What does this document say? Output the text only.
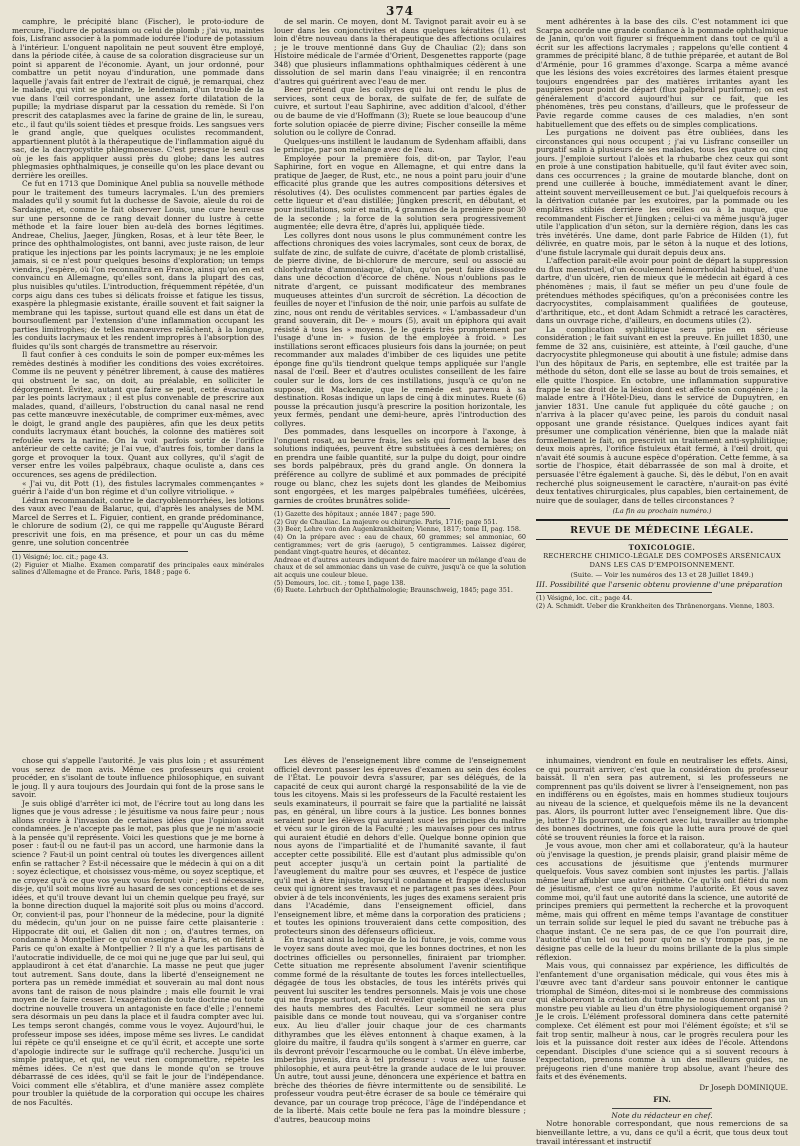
374

camphre, le précipité blanc (Fischer), le proto-iodure de mercure, l'iodure de potassium ou celui de plomb ; j'ai vu, maintes fois, Lisfranc associer à la pommade iodurée l'iodure de potassium à l'intérieur. L'onguent napolitain ne peut souvent être employé, dans la période citée, à cause de sa coloration disgracieuse sur un point si apparent de l'économie. Ayant, un jour ordonné, pour combattre un petit noyau d'induration, une pommade dans laquelle j'avais fait entrer de l'extrait de ciguë, je remarquai, chez le malade, qui vint se plaindre, le lendemain, d'un trouble de la vue dans l'œil correspondant, une assez forte dilatation de la pupille; la mydriase disparut par la cessation du remède. Si l'on prescrit des cataplasmes avec la farine de graine de lin, le sureau, etc., il faut qu'ils soient tièdes et presque froids. Les sangsues vers le grand angle, que quelques oculistes recommandent, appartiennent plutôt à la thérapeutique de l'inflammation aiguë du sac, de la dacryocystite phlegmoneuse. C'est presque le seul cas où je les fais appliquer aussi près du globe; dans les autres phlegmasies ophthalmiques, je conseille qu'on les place devant ou derrière les oreilles.

Ce fut en 1713 que Dominique Anel publia sa nouvelle méthode pour le traitement des tumeurs lacrymales. L'un des premiers malades qu'il y soumit fut la duchesse de Savoie, aïeule du roi de Sardaigne, et, comme le fait observer Louis, une cure heureuse sur une personne de ce rang devait donner du lustre à cette méthode et la faire louer bien au-delà des bornes légitimes. Andreae, Chelius, Jaeger, Jüngken, Rosas, et à leur tête Beer, le prince des ophthalmologistes, ont banni, avec juste raison, de leur pratique les injections par les points lacrymaux; je ne les emploie jamais, si ce n'est pour quelques besoins d'exploration; un temps viendra, j'espère, où l'on reconnaîtra en France, ainsi qu'on en est convaincu en Allemagne, qu'elles sont, dans la plupart des cas, plus nuisibles qu'utiles. L'introduction, fréquemment répétée, d'un corps aigu dans ces tubes si délicats froisse et fatigue les tissus, exaspère la phlegmasie existante, éraille souvent et fait saigner la membrane qui les tapisse, surtout quand elle est dans un état de boursouflement par l'extension d'une inflammation occupant les parties limitrophes; de telles manœuvres relâchent, à la longue, les conduits lacrymaux et les rendent impropres à l'absorption des fluides qu'ils sont chargés de transmettre au réservoir.

Il faut confier à ces conduits le soin de pomper eux-mêmes les remèdes destinés à modifier les conditions des voies excrétoires. Comme ils ne peuvent y pénétrer librement, à cause des matières qui obstruent le sac, on doit, au préalable, en solliciter le dégorgement. Évitez, autant que faire se peut, cette évacuation par les points lacrymaux ; il est plus convenable de prescrire aux malades, quand, d'ailleurs, l'obstruction du canal nasal ne rend pas cette manœuvre inexécutable, de comprimer eux-mêmes, avec le doigt, le grand angle des paupières, afin que les deux petits conduits lacrymaux étant bouchés, la colonne des matières soit refoulée vers la narine. On la voit parfois sortir de l'orifice antérieur de cette cavité; je l'ai vue, d'autres fois, tomber dans la gorge et provoquer la toux. Quant aux collyres, qu'il s'agit de verser entre les voiles palpébraux, chaque oculiste a, dans ces occurences, ses agens de prédilection.

« J'ai vu, dit Pott (1), des fistules lacrymales commençantes » guérir à l'aide d'un bon régime et d'un collyre vitriolique. »

Lédran recommandait, contre le dacryoblennorrhées, les lotions des vaux avec l'eau de Balaruc, qui, d'après les analyses de MM. Marcel de Serres et L. Figuier, contient, en grande prédominance, le chlorure de sodium (2), ce qui me rappelle qu'Auguste Bérard prescrivit une fois, en ma présence, et pour un cas du même genre, une solution concentrée

(1) Vésigné; loc. cit.; page 43.

(2) Figuier et Mialhe. Examen comparatif des principales eaux minérales salines d'Allemagne et de France. Paris, 1848 ; page 6.

de sel marin. Ce moyen, dont M. Tavignot parait avoir eu à se louer dans les conjonctivites et dans quelques kératites (1), est loin d'être nouveau dans la thérapeutique des affections oculaires ; je le trouve mentionné dans Guy de Chauliac (2); dans son Histoire médicale de l'armée d'Orient, Desgenettes rapporte (page 348) que plusieurs inflammations ophthalmiques cédèrent à une dissolution de sel marin dans l'eau vinaigrée; il en rencontra d'autres qui guérirent avec l'eau de mer.

Beer prétend que les collyres qui lui ont rendu le plus de services, sont ceux de borax, de sulfate de fer, de sulfate de cuivre, et surtout l'eau Saphirine, avec addition d'alcool, d'éther ou de baume de vie d'Hoffmann (3); Ruete se loue beaucoup d'une forte solution opiacée de pierre divine; Fischer conseille la même solution ou le collyre de Conrad.

Quelques-uns instillent le laudanum de Sydenham affaibli, dans le principe, par son mélange avec de l'eau.

Employée pour la première fois, dit-on, par Taylor, l'eau Saphirine, fort en vogue en Allemagne, et qui entre dans la pratique de Jaeger, de Rust, etc., ne nous a point paru jouir d'une efficacité plus grande que les autres compositions détersives et résolutives (4). Des oculistes commencent par parties égales de cette liqueur et d'eau distillée; Jüngken prescrit, en débutant, et pour instillations, soir et matin, 4 grammes de la première pour 30 de la seconde ; la force de la solution sera progressivement augmentée; elle devra être, d'après lui, appliquée tiède.

Les collyres dont nous usons le plus communément contre les affections chroniques des voies lacrymales, sont ceux de borax, de sulfate de zinc, de sulfate de cuivre, d'acétate de plomb cristallisé, de pierre divine, de bi-chlorure de mercure, seul ou associé au chlorhydrate d'ammoniaque, d'alun, qu'on peut faire dissoudre dans une décoction d'écorce de chêne. Nous n'oublions pas le nitrate d'argent, ce puissant modificateur des membranes muqueuses atteintes d'un surcroît de sécrétion. La décoction de feuilles de noyer et l'infusion de thé noir, unie parfois au sulfate de zinc, nous ont rendu de véritables services. « L'ambassadeur d'un grand souverain, dit De- » mours (5), avait un épiphora qui avait résisté à tous les » moyens. Je le guéris très promptement par l'usage d'une in- » fusion de thé employée à froid. » Les instillations seront efficaces plusieurs fois dans la journée; on peut recommander aux malades d'imbiber de ces liquides une petite éponge fine qu'ils tiendront quelque temps appliquée sur l'angle nasal de l'œil. Beer et d'autres oculistes conseillent de les faire couler sur le dos, lors de ces instillations, jusqu'à ce qu'on ne suppose, dit Mackenzie, que le remède est parvenu à sa destination. Rosas indique un laps de cinq à dix minutes. Ruete (6) pousse la précaution jusqu'à prescrire la position horizontale, les yeux fermés, pendant une demi-heure, après l'introduction des collyres.

Des pommades, dans lesquelles on incorpore à l'axonge, à l'onguent rosat, au beurre frais, les sels qui forment la base des solutions indiquées, peuvent être substituées à ces dernières; on en prendra une faible quantité, sur la pulpe du doigt, pour oindre ses bords palpébraux, près du grand angle. On donnera la préférence au collyre de sublimé et aux pommades de précipité rouge ou blanc, chez les sujets dont les glandes de Meibomius sont engorgées, et les marges palpébrales tuméfiées, ulcérées, garnies de croûtes brunâtres solide-

(1) Gazette des hôpitaux ; année 1847 ; page 590.

(2) Guy de Chauliac. La majeure ou chirurgie. Paris, 1716; page 551.

(3) Beer, Lehre von den Augenkrankheiten; Vienne, 1817; tome II, pag. 158.

(4) On la prépare avec : eau de chaux, 60 grammes; sel ammoniac, 60 centigrammes; vert de gris (aerugo), 5 centigrammes. Laissez digérer, pendant vingt-quatre heures, et décantez.

Andreae et d'autres auteurs indiquent de faire macérer un mélange d'eau de chaux et de sel ammoniac dans un vase de cuivre, jusqu'à ce que la solution ait acquis une couleur bleue.

(5) Demours, loc. cit. ; tome I, page 138.

(6) Ruete. Lehrbuch der Ophthalmologie; Braunschweig, 1845; page 351.

ment adhérentes à la base des cils. C'est notamment ici que Scarpa accorde une grande confiance à la pommade ophthalmique de Janin, qu'on voit figurer si fréquemment dans tout ce qu'il a écrit sur les affections lacrymales ; rappelons qu'elle contient 4 grammes de précipité blanc, 8 de tuthie préparée, et autant de Bol d'Arménie, pour 16 grammes d'axonge. Scarpa a même avancé que les lésions des voies excrétoires des larmes étaient presque toujours engendrées par des matières irritantes ayant les paupières pour point de départ (flux palpébral puriforme); on est généralement d'accord aujourd'hui sur ce fait, que les phénomènes, très peu constans, d'ailleurs, que le professeur de Pavie regarde comme causes de ces maladies, n'en sont habituellement que des effets ou de simples complications.

Les purgations ne doivent pas être oubliées, dans les circonstances qui nous occupent ; j'ai vu Lisfranc conseiller un purgatif salin à plusieurs de ses malades, tous les quatre ou cinq jours. J'emploie surtout l'aloès et la rhubarbe chez ceux qui sont en proie à une constipation habituelle, qu'il faut éviter avec soin, dans ces occurrences ; la graine de moutarde blanche, dont on prend une cuillerée à bouche, immédiatement avant le dîner, atteint souvent merveilleusement ce but. J'ai quelquefois recours à la dérivation cutanée par les exutoires, par la pommade ou les emplâtres stibiés derrière les oreilles ou à la nuque, que recommandent Fischer et Jüngken ; celui-ci va même jusqu'à juger utile l'application d'un séton, sur la dernière région, dans les cas très invétérés. Une dame, dont parle Fabrice de Hilden (1), fut délivrée, en quatre mois, par le séton à la nuque et des lotions, d'une fistule lacrymale qui durait depuis deux ans.

L'affection parait-elle avoir pour point de départ la suppression du flux menstruel, d'un écoulement hémorrhoïdal habituel, d'une dartre, d'un ulcère, rien de mieux que le médecin ait égard à ces phénomènes ; mais, il faut se méfier un peu d'une foule de prétendues méthodes spécifiques, qu'on a préconisées contre les dacryocystites, complaisamment qualifiées de gouteuse, d'arthritique, etc., et dont Adam Schmidt a retracé les caractères, dans un ouvrage riche, d'ailleurs, en documens utiles (2).

La complication syphilitique sera prise en sérieuse considération ; le fait suivant en est la preuve. En juillet 1830, une femme de 32 ans, cuisinière, est atteinte, à l'œil gauche, d'une dacryocystite phlegmoneuse qui aboutit à une fistule; admise dans l'un des hôpitaux de Paris, en septembre, elle est traitée par la méthode du séton, dont elle se lasse au bout de trois semaines, et elle quitte l'hospice. En octobre, une inflammation suppurative frappe le sac droit de la lésion dont est affecté son congénère ; la malade entre à l'Hôtel-Dieu, dans le service de Dupuytren, en janvier 1831. Une canule fut appliquée du côté gauche ; on n'arriva à la placer qu'avec peine, les parois du conduit nasal opposant une grande résistance. Quelques indices ayant fait présumer une complication vénérienne, bien que la malade niât formellement le fait, on prescrivit un traitement anti-syphilitique; deux mois après, l'orifice fistuleux était fermé, à l'œil droit, qui n'avait été soumis à aucune espèce d'opération. Cette femme, à sa sortie de l'hospice, était débarrassée de son mal à droite, et persuasée l'être également à gauche. Si, dès le début, l'on en avait recherché plus soigneusement le caractère, n'aurait-on pas évité deux tentatives chirurgicales, plus capables, bien certainement, de nuire que de soulager, dans de telles circonstances ?

(La fin au prochain numéro.)
REVUE DE MÉDECINE LÉGALE.
TOXICOLOGIE.
RECHERCHE CHIMICO-LÉGALE DES COMPOSÉS ARSÉNICAUX DANS LES CAS D'EMPOISONNEMENT.
(Suite. — Voir les numéros des 13 et 28 Juillet 1849.)

III. Possibilité que l'arsenic obtenu provienne d'une préparation

(1) Vésigné, loc. cit.; page 44.

(2) A. Schmidt. Ueber die Krankheiten des Thränenorgans. Vienne, 1803.

chose qui s'appelle l'autorité. Je vais plus loin ; et assurément vous serez de mon avis. Même ces professeurs qui croient procéder, en s'isolant de toute influence philosophique, en suivant le joug. Il y aura toujours des Jourdain qui font de la prose sans le savoir.

Je suis obligé d'arrêter ici mot, de l'écrire tout au long dans les lignes que je vous adresse ; le jésuitisme va nous faire peur ; nous allons croire à l'invasion de certaines idées que l'opinion avait condamnées. Je n'accepte pas le mot, pas plus que je ne m'associe à la pensée qu'il représente. Voici les questions que je me borne à poser : faut-il ou ne faut-il pas un accord, une harmonie dans la science ? Faut-il un point central où toutes les divergences aillent enfin se rattacher ? Est-il nécessaire que le médecin à qui on a dit : soyez éclectique, et choisissez vous-même, ou soyez sceptique, et ne croyez qu'à ce que vos yeux vous feront voir ; est-il nécessaire, dis-je, qu'il soit moins livré au hasard de ses conceptions et de ses idées, et qu'il trouve devant lui un chemin quelque peu frayé, sur la bonne direction duquel la majorité soit plus ou moins d'accord. Or, convient-il pas, pour l'honneur de la médecine, pour la dignité du médecin, qu'un jour on ne puisse faire cette plaisanterie : Hippocrate dit oui, et Galien dit non ; on, d'autres termes, on condamne à Montpellier ce qu'on enseigne à Paris, et on flétrit à Paris ce qu'on exalte à Montpellier ? Il n'y a que les partisans de l'autocratie individuelle, de ce moi qui ne juge que par lui seul, qui applaudiront à cet état d'anarchie. La masse ne peut que juger tout autrement. Sans doute, dans la liberté d'enseignement ne portera pas un remède immédiat et souverain au mal dont nous avons tant de raison de nous plaindre ; mais elle fournit le vrai moyen de le faire cesser. L'exagération de toute doctrine ou toute doctrine nouvelle trouvera un antagoniste en face d'elle ; l'ennemi sera désormais un peu dans la place et il faudra compter avec lui. Les temps seront changés, comme vous le voyez. Aujourd'hui, le professeur impose ses idées, impose même ses livres. Le candidat lui répète ce qu'il enseigne et ce qu'il écrit, et accepte une sorte d'apologie indirecte sur le suffrage qu'il recherche. Jusqu'ici un simple pratique, et qui, ne veut rien compromettre, répète les mêmes idées. Ce n'est que dans le monde qu'on se trouve débarrassé de ces idées, qu'il se fait le jour de l'indépendance. Voici comment elle s'établira, et d'une manière assez complète pour troubler la quiétude de la corporation qui occupe les chaires de nos Facultés.

Les élèves de l'enseignement libre comme de l'enseignement officiel devront passer les épreuves d'examen au sein des écoles de l'État. Le pouvoir devra s'assurer, par ses délégués, de la capacité de ceux qui auront chargé la responsabilité de la vie de tous les citoyens. Mais si les professeurs de la Faculté restaient les seuls examinateurs, il pourrait se faire que la partialité ne laissât pas, en général, un libre cours à la justice. Les bonnes bonnes seraient pour les élèves qui auraient sucé les principes du maître et vécu sur le giron de la Faculté ; les mauvaises pour ces intrus qui auraient étudié en dehors d'elle. Quelque bonne opinion que nous ayons de l'impartialité et de l'humanité savante, il faut accepter cette possibilité. Elle est d'autant plus admissible qu'on peut accepter jusqu'à un certain point la partialité de l'aveuglement du maître pour ses œuvres, et l'espèce de justice qu'il met à être injuste, lorsqu'il condamne et frappe d'exclusion ceux qui ignorent ses travaux et ne partagent pas ses idées. Pour obvier à de tels inconvénients, les juges des examens seraient pris dans l'Académie, dans l'enseignement officiel, dans l'enseignement libre, et même dans la corporation des praticiens ; et toutes les opinions trouveraient dans cette composition, des protecteurs sinon des défenseurs officieux.

En traçant ainsi la logique de la loi future, je vois, comme vous le voyez sans doute avec moi, que les bonnes doctrines, et non les doctrines officielles ou personnelles, finiraient par triompher. Cette situation me représente absolument l'avenir scientifique comme formé de la résultante de toutes les forces intellectuelles, dégagée de tous les obstacles, de tous les intérêts privés qui peuvent lui susciter les tendres personnels. Mais je vois une chose qui me frappe surtout, et doit réveiller quelque émotion au cœur des hauts membres des Facultés. Leur sommeil ne sera plus paisible dans ce monde tout nouveau, qui va s'organiser contre eux. Au lieu d'aller jouir chaque jour de ces charmants dithyrambes que les élèves entonnent à chaque examen, à la gloire du maître, il faudra qu'ils songent à s'armer en guerre, car ils devront prévoir l'escarmouche ou le combat. Un élève imberbe, imberbis juvenis, dira à tel professeur : vous avez une fausse philosophie, et aura peut-être la grande audace de le lui prouver. Un autre, tout aussi jeune, dénoncera une expérience et battra en brèche des théories de fièvre intermittente ou de sensibilité. Le professeur voudra peut-être écraser de sa boule ce téméraire qui devance, par un courage trop précoce, l'âge de l'indépendance et de la liberté. Mais cette boule ne fera pas la moindre blessure ; d'autres, beaucoup moins

inhumaines, viendront en foule en neutraliser les effets. Ainsi, ce qui pourrait arriver, c'est que la considération du professeur baissât. Il n'en sera pas autrement, si les professeurs ne comprennent pas qu'ils doivent se livrer à l'enseignement, non pas en indifférens ou en égoïstes, mais en hommes studieux toujours au niveau de la science, et quelquefois même ils ne la devancent pas. Alors, ils pourront lutter avec l'enseignement libre. Que dis-je, lutter ? Ils pourront, de concert avec lui, travailler au triomphe des bonnes doctrines, une fois que la lutte aura prouvé de quel côté se trouvent réunies la force et la raison.

Je vous avoue, mon cher ami et collaborateur, qu'à la hauteur où j'envisage la question, je prends plaisir, grand plaisir même de ces accusations de jésuitisme que j'entends murmurer quelquefois. Vous savez combien sont injustes les partis. J'allais même leur affubler une autre épithète. Ce qu'ils ont flétri du nom de jésuitisme, c'est ce qu'on nomme l'autorité. Et vous savez comme moi, qu'il faut une autorité dans la science, une autorité de principes premiers qui permettent la recherche et la provoquent même, mais qui offrent en même temps l'avantage de constituer un terrain solide sur lequel le pied du savant ne trébuche pas à chaque instant. Ce ne sera pas, de ce que l'on pourrait dire, l'autorité d'un tel ou tel pour qu'on ne s'y trompe pas, je ne désigne pas celle de la lueur du moins brillante de la plus simple réflexion.

Mais vous, qui connaissez par expérience, les difficultés de l'enfantement d'une organisation médicale, qui vous êtes mis à l'œuvre avec tant d'ardeur sans pouvoir entonner le cantique triomphal de Siméon, dites-moi si le nombreuse des commissions qui élaboreront la création du tumulte ne nous donneront pas un monstre peu viable au lieu d'un être physiologiquement organisé ? Je le crois. L'élément professoral dominera dans cette paternité complexe. Cet élément est pour moi l'élément égoïste; et s'il se fait trop sentir, malheur à nous, car le progrès reculera pour les lois et la puissance doit rester aux idées de l'école. Attendons cependant. Disciples d'une science qui a si souvent recours à l'expectation, prenons comme à un des meilleurs guides, ne préjugeons rien d'une manière trop absolue, avant l'heure des faits et des événements.

Dr Joseph DOMINIQUE.

FIN.

Note du rédacteur en chef.

Notre honorable correspondant, que nous remercions de sa bienveillante lettre, a vu, dans ce qu'il a écrit, que tous deux tout travail intéressant et instructif
